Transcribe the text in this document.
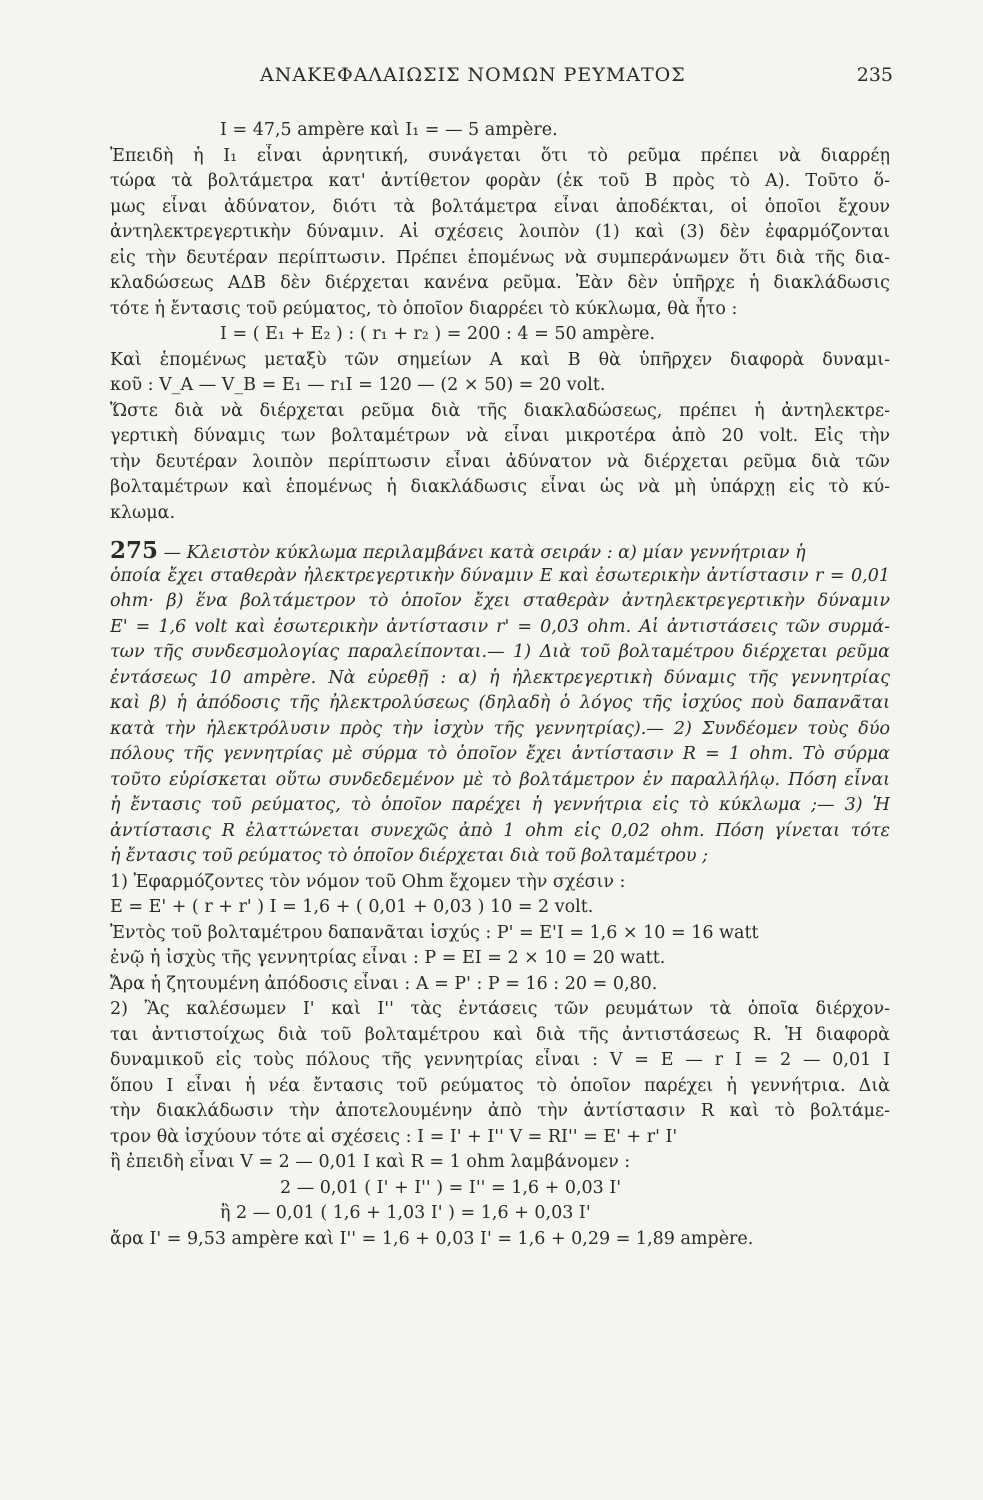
ΑΝΑΚΕΦΑΛΑΙΩΣΙΣ ΝΟΜΩΝ ΡΕΥΜΑΤΟΣ	235
I = 47,5 ampère καὶ I₁ = — 5 ampère.
Ἐπειδὴ ἡ I₁ εἶναι ἀρνητική, συνάγεται ὅτι τὸ ρεῦμα πρέπει νὰ διαρρέῃ
τώρα τὰ βολτάμετρα κατ' ἀντίθετον φορὰν (ἐκ τοῦ B πρὸς τὸ A). Τοῦτο ὅ-
μως εἶναι ἀδύνατον, διότι τὰ βολτάμετρα εἶναι ἀποδέκται, οἱ ὁποῖοι ἔχουν
ἀντηλεκτρεγερτικὴν δύναμιν. Αἱ σχέσεις λοιπὸν (1) καὶ (3) δὲν ἐφαρμόζονται
εἰς τὴν δευτέραν περίπτωσιν. Πρέπει ἑπομένως νὰ συμπεράνωμεν ὅτι διὰ τῆς δια-
κλαδώσεως AΔB δὲν διέρχεται κανένα ρεῦμα. Ἐὰν δὲν ὑπῆρχε ἡ διακλάδωσις
τότε ἡ ἔντασις τοῦ ρεύματος, τὸ ὁποῖον διαρρέει τὸ κύκλωμα, θὰ ἦτο :
I = ( E₁ + E₂ ) : ( r₁ + r₂ ) = 200 : 4 = 50 ampère.
Καὶ ἑπομένως μεταξὺ τῶν σημείων A καὶ B θὰ ὑπῆρχεν διαφορὰ δυναμι-
κοῦ : V_A — V_B = E₁ — r₁I = 120 — (2 × 50) = 20 volt.
Ὥστε διὰ νὰ διέρχεται ρεῦμα διὰ τῆς διακλαδώσεως, πρέπει ἡ ἀντηλεκτρε-
γερτικὴ δύναμις των βολταμέτρων νὰ εἶναι μικροτέρα ἀπὸ 20 volt. Εἰς τὴν
τὴν δευτέραν λοιπὸν περίπτωσιν εἶναι ἀδύνατον νὰ διέρχεται ρεῦμα διὰ τῶν
βολταμέτρων καὶ ἑπομένως ἡ διακλάδωσις εἶναι ὡς νὰ μὴ ὑπάρχῃ εἰς τὸ κύ-
κλωμα.
275 — Κλειστὸν κύκλωμα περιλαμβάνει κατὰ σειράν : α) μίαν γεννήτριαν ἡ
ὁποία ἔχει σταθερὰν ἠλεκτρεγερτικὴν δύναμιν E καὶ ἐσωτερικὴν ἀντίστασιν r = 0,01
ohm· β) ἕνα βολτάμετρον τὸ ὁποῖον ἔχει σταθερὰν ἀντηλεκτρεγερτικὴν δύναμιν
E' = 1,6 volt καὶ ἐσωτερικὴν ἀντίστασιν r' = 0,03 ohm. Αἱ ἀντιστάσεις τῶν συρμά-
των τῆς συνδεσμολογίας παραλείπονται.— 1) Διὰ τοῦ βολταμέτρου διέρχεται ρεῦμα
ἐντάσεως 10 ampère. Νὰ εὑρεθῇ : α) ἡ ἠλεκτρεγερτικὴ δύναμις τῆς γεννητρίας
καὶ β) ἡ ἀπόδοσις τῆς ἠλεκτρολύσεως (δηλαδὴ ὁ λόγος τῆς ἰσχύος ποὺ δαπανᾶται
κατὰ τὴν ἠλεκτρόλυσιν πρὸς τὴν ἰσχὺν τῆς γεννητρίας).— 2) Συνδέομεν τοὺς δύο
πόλους τῆς γεννητρίας μὲ σύρμα τὸ ὁποῖον ἔχει ἀντίστασιν R = 1 ohm. Τὸ σύρμα
τοῦτο εὑρίσκεται οὕτω συνδεδεμένον μὲ τὸ βολτάμετρον ἐν παραλλήλῳ. Πόση εἶναι
ἡ ἔντασις τοῦ ρεύματος, τὸ ὁποῖον παρέχει ἡ γεννήτρια εἰς τὸ κύκλωμα ;— 3) Ἡ
ἀντίστασις R ἐλαττώνεται συνεχῶς ἀπὸ 1 ohm εἰς 0,02 ohm. Πόση γίνεται τότε
ἡ ἔντασις τοῦ ρεύματος τὸ ὁποῖον διέρχεται διὰ τοῦ βολταμέτρου ;
1) Ἐφαρμόζοντες τὸν νόμον τοῦ Ohm ἔχομεν τὴν σχέσιν :
E = E' + ( r + r' ) I = 1,6 + ( 0,01 + 0,03 ) 10 = 2 volt.
Ἐντὸς τοῦ βολταμέτρου δαπανᾶται ἰσχύς : P' = E'I = 1,6 × 10 = 16 watt
ἐνῷ ἡ ἰσχὺς τῆς γεννητρίας εἶναι : P = EI = 2 × 10 = 20 watt.
Ἄρα ἡ ζητουμένη ἀπόδοσις εἶναι : A = P' : P = 16 : 20 = 0,80.
2) Ἂς καλέσωμεν I' καὶ I'' τὰς ἐντάσεις τῶν ρευμάτων τὰ ὁποῖα διέρχον-
ται ἀντιστοίχως διὰ τοῦ βολταμέτρου καὶ διὰ τῆς ἀντιστάσεως R. Ἡ διαφορὰ
δυναμικοῦ εἰς τοὺς πόλους τῆς γεννητρίας εἶναι : V = E — r I = 2 — 0,01 I
ὅπου I εἶναι ἡ νέα ἔντασις τοῦ ρεύματος τὸ ὁποῖον παρέχει ἡ γεννήτρια. Διὰ
τὴν διακλάδωσιν τὴν ἀποτελουμένην ἀπὸ τὴν ἀντίστασιν R καὶ τὸ βολτάμε-
τρον θὰ ἰσχύουν τότε αἱ σχέσεις : I = I' + I'' V = RI'' = E' + r' I'
ἢ ἐπειδὴ εἶναι V = 2 — 0,01 I καὶ R = 1 ohm λαμβάνομεν :
2 — 0,01 ( I' + I'' ) = I'' = 1,6 + 0,03 I'
ἢ 2 — 0,01 ( 1,6 + 1,03 I' ) = 1,6 + 0,03 I'
ἄρα I' = 9,53 ampère καὶ I'' = 1,6 + 0,03 I' = 1,6 + 0,29 = 1,89 ampère.
